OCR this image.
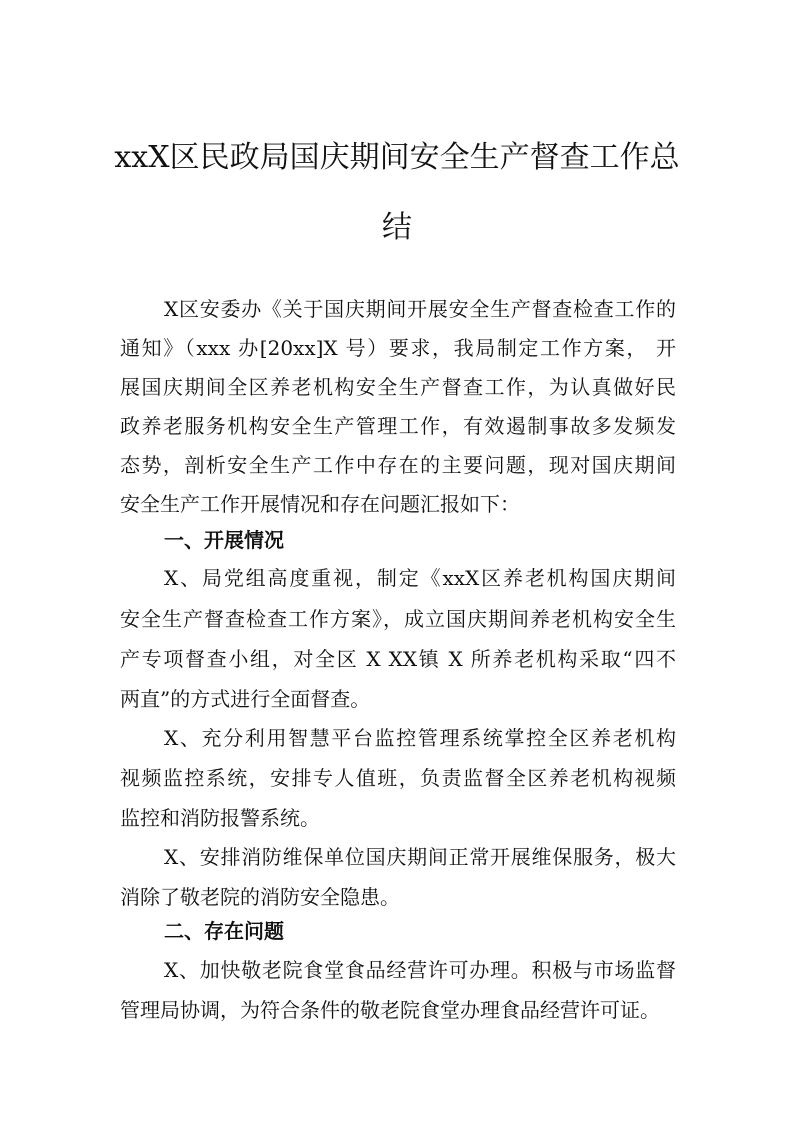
xxX区民政局国庆期间安全生产督查工作总
结

X区安委办《关于国庆期间开展安全生产督查检查工作的

通知》（xxx 办[20xx]X 号）要求，我局制定工作方案， 开

展国庆期间全区养老机构安全生产督查工作，为认真做好民

政养老服务机构安全生产管理工作，有效遏制事故多发频发

态势，剖析安全生产工作中存在的主要问题，现对国庆期间

安全生产工作开展情况和存在问题汇报如下：

一、开展情况

X、局党组高度重视，制定《xxX区养老机构国庆期间

安全生产督查检查工作方案》，成立国庆期间养老机构安全生

产专项督查小组，对全区 X XX镇 X 所养老机构采取“四不

两直”的方式进行全面督查。

X、充分利用智慧平台监控管理系统掌控全区养老机构

视频监控系统，安排专人值班，负责监督全区养老机构视频

监控和消防报警系统。

X、安排消防维保单位国庆期间正常开展维保服务，极大

消除了敬老院的消防安全隐患。

二、存在问题

X、加快敬老院食堂食品经营许可办理。积极与市场监督

管理局协调，为符合条件的敬老院食堂办理食品经营许可证。
